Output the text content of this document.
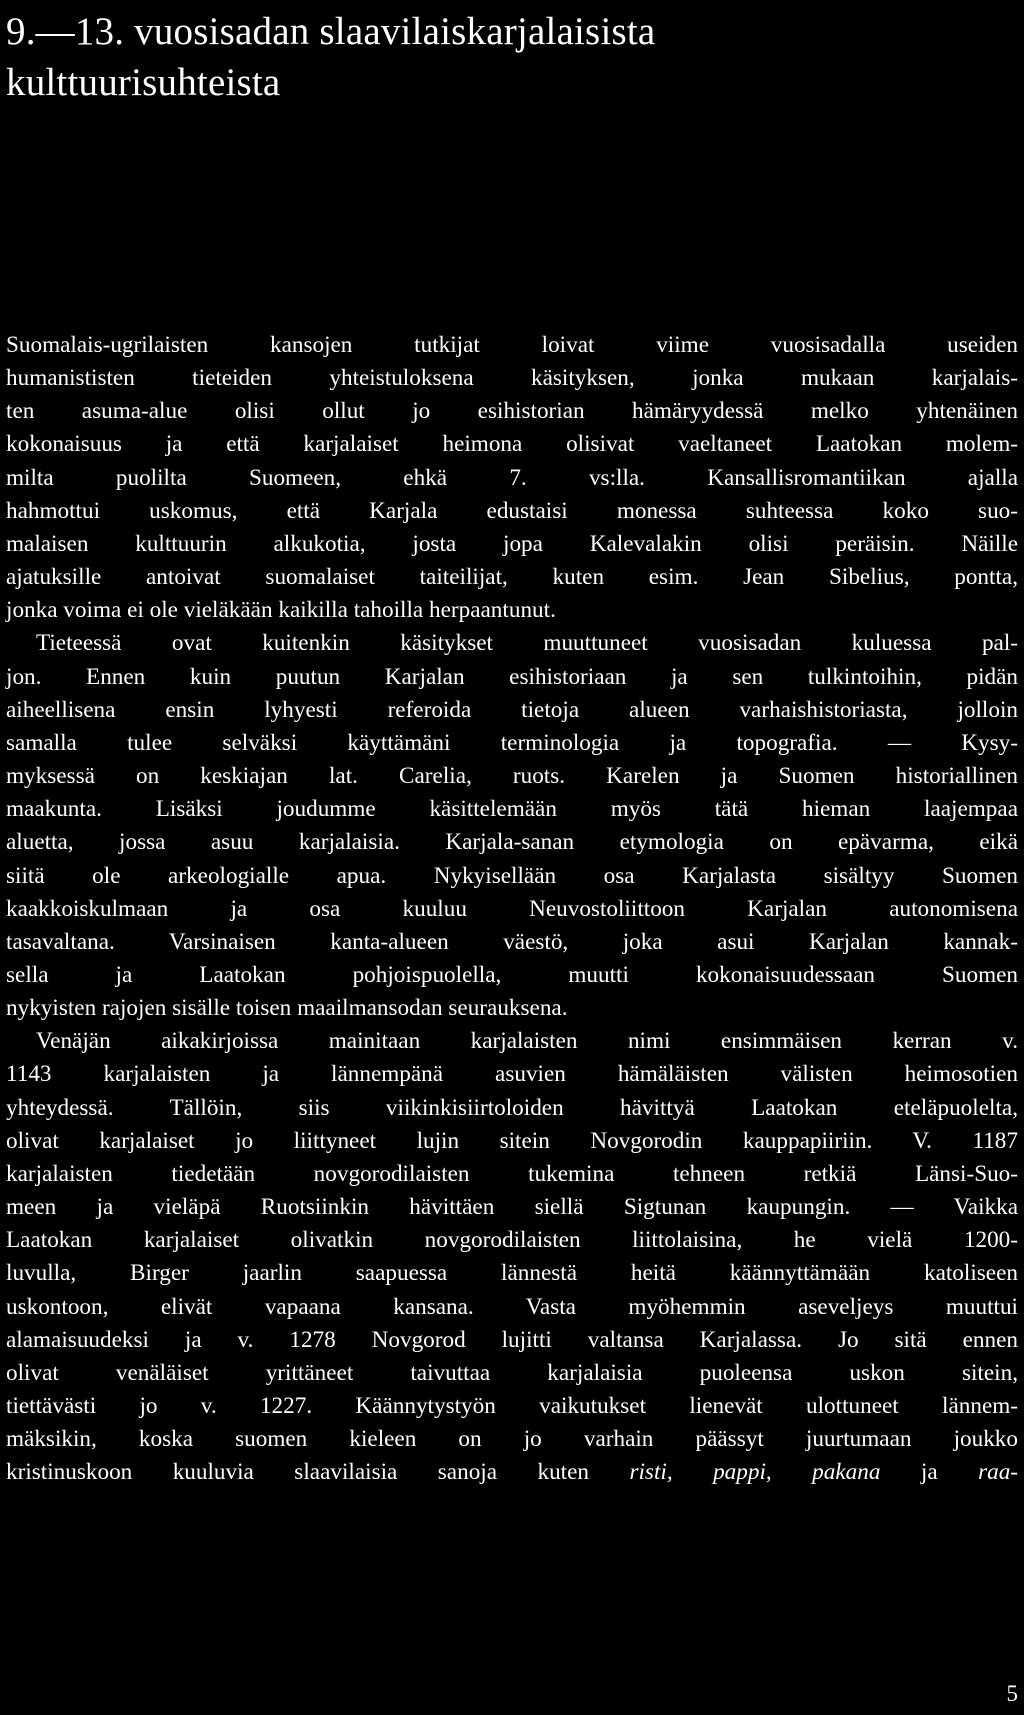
9.—13. vuosisadan slaavilaiskarjalaisista
kulttuurisuhteista

Suomalais-ugrilaisten kansojen tutkijat loivat viime vuosisadalla useiden
humanististen tieteiden yhteistuloksena käsityksen, jonka mukaan karjalais-
ten asuma-alue olisi ollut jo esihistorian hämäryydessä melko yhtenäinen
kokonaisuus ja että karjalaiset heimona olisivat vaeltaneet Laatokan molem-
milta puolilta Suomeen, ehkä 7. vs:lla. Kansallisromantiikan ajalla
hahmottui uskomus, että Karjala edustaisi monessa suhteessa koko suo-
malaisen kulttuurin alkukotia, josta jopa Kalevalakin olisi peräisin. Näille
ajatuksille antoivat suomalaiset taiteilijat, kuten esim. Jean Sibelius, pontta,
jonka voima ei ole vieläkään kaikilla tahoilla herpaantunut.

Tieteessä ovat kuitenkin käsitykset muuttuneet vuosisadan kuluessa pal-
jon. Ennen kuin puutun Karjalan esihistoriaan ja sen tulkintoihin, pidän
aiheellisena ensin lyhyesti referoida tietoja alueen varhaishistoriasta, jolloin
samalla tulee selväksi käyttämäni terminologia ja topografia. — Kysy-
myksessä on keskiajan lat. Carelia, ruots. Karelen ja Suomen historiallinen
maakunta. Lisäksi joudumme käsittelemään myös tätä hieman laajempaa
aluetta, jossa asuu karjalaisia. Karjala-sanan etymologia on epävarma, eikä
siitä ole arkeologialle apua. Nykyisellään osa Karjalasta sisältyy Suomen
kaakkoiskulmaan ja osa kuuluu Neuvostoliittoon Karjalan autonomisena
tasavaltana. Varsinaisen kanta-alueen väestö, joka asui Karjalan kannak-
sella ja Laatokan pohjoispuolella, muutti kokonaisuudessaan Suomen
nykyisten rajojen sisälle toisen maailmansodan seurauksena.

Venäjän aikakirjoissa mainitaan karjalaisten nimi ensimmäisen kerran v.
1143 karjalaisten ja lännempänä asuvien hämäläisten välisten heimosotien
yhteydessä. Tällöin, siis viikinkisiirtoloiden hävittyä Laatokan eteläpuolelta,
olivat karjalaiset jo liittyneet lujin sitein Novgorodin kauppapiiriin. V. 1187
karjalaisten tiedetään novgorodilaisten tukemina tehneen retkiä Länsi-Suo-
meen ja vieläpä Ruotsiinkin hävittäen siellä Sigtunan kaupungin. — Vaikka
Laatokan karjalaiset olivatkin novgorodilaisten liittolaisina, he vielä 1200-
luvulla, Birger jaarlin saapuessa lännestä heitä käännyttämään katoliseen
uskontoon, elivät vapaana kansana. Vasta myöhemmin aseveljeys muuttui
alamaisuudeksi ja v. 1278 Novgorod lujitti valtansa Karjalassa. Jo sitä ennen
olivat venäläiset yrittäneet taivuttaa karjalaisia puoleensa uskon sitein,
tiettävästi jo v. 1227. Käännytystyön vaikutukset lienevät ulottuneet lännem-
mäksikin, koska suomen kieleen on jo varhain päässyt juurtumaan joukko
kristinuskoon kuuluvia slaavilaisia sanoja kuten risti, pappi, pakana ja raa-

5
